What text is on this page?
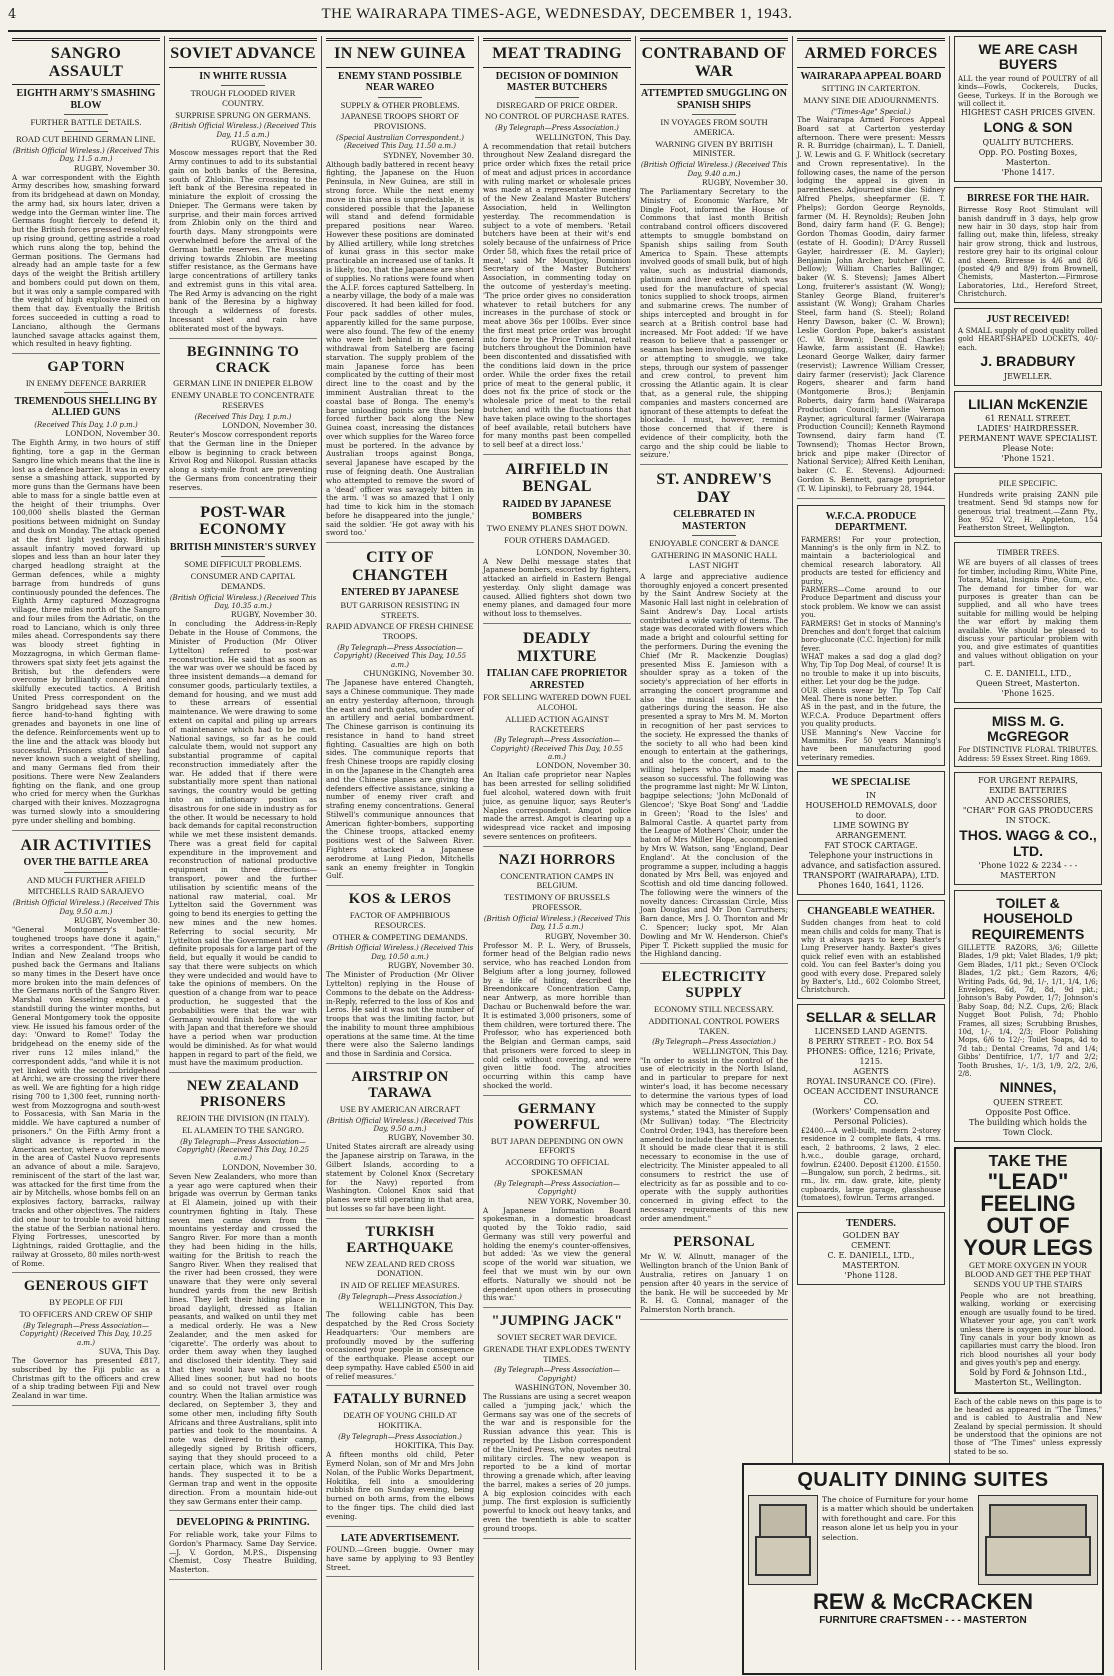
4	THE WAIRARAPA TIMES-AGE, WEDNESDAY, DECEMBER 1, 1943.
SANGRO ASSAULT
EIGHTH ARMY'S SMASHING BLOW
FURTHER BATTLE DETAILS.
ROAD CUT BEHIND GERMAN LINE.
(British Official Wireless.) (Received This Day, 11.5 a.m.)
RUGBY, November 30.
A war correspondent with the Eighth Army describes how, smashing forward from its bridgehead at dawn on Monday, the army had, six hours later, driven a wedge into the German winter line. The Germans fought fiercely to defend it, but the British forces pressed resolutely up rising ground, getting astride a road which runs along the top, behind the German positions. The Germans had already had an ample taste for a few days of the weight the British artillery and bombers could put down on them, but it was only a sample compared with the weight of high explosive rained on them that day. Eventually the British forces succeeded in cutting a road to Lanciano, although the Germans launched savage attacks against them, which resulted in heavy fighting.
GAP TORN
IN ENEMY DEFENCE BARRIER
TREMENDOUS SHELLING BY ALLIED GUNS
(Received This Day, 1.0 p.m.)
LONDON, November 30.
The Eighth Army, in two hours of stiff fighting, tore a gap in the German Sangro line which means that the line is lost as a defence barrier. It was in every sense a smashing attack, supported by more guns than the Germans have been able to mass for a single battle even at the height of their triumphs. Over 100,000 shells blasted the German positions between midnight on Sunday and dusk on Monday. The attack opened at the first light yesterday. British assault infantry moved forward up slopes and less than an hour later they charged headlong straight at the German defences, while a mighty barrage from hundreds of guns continuously pounded the defences. The Eighth Army captured Mozzagrogna village, three miles north of the Sangro and four miles from the Adriatic, on the road to Lanciano, which is only three miles ahead. Correspondents say there was bloody street fighting in Mozzagrogna, in which German flame-throwers spat sixty feet jets against the British, but the defenders were overcome by brilliantly conceived and skilfully executed tactics. A British United Press correspondent on the Sangro bridgehead says there was fierce hand-to-hand fighting with grenades and bayonets in one line of the defence. Reinforcements went up to the line and the attack was bloody but successful. Prisoners stated they had never known such a weight of shelling, and many Germans fled from their positions. There were New Zealanders fighting on the flank, and one group who cried for mercy when the Gurkhas charged with their knives. Mozzagrogna was turned slowly into a smouldering pyre under shelling and bombing.
AIR ACTIVITIES
OVER THE BATTLE AREA
AND MUCH FURTHER AFIELD
MITCHELLS RAID SARAJEVO
(British Official Wireless.) (Received This Day, 9.50 a.m.)
RUGBY, November 30.
"General Montgomery's battle-toughened troops have done it again," writes a correspondent. "The British, Indian and New Zealand troops who pushed back the Germans and Italians so many times in the Desert have once more broken into the main defences of the Germans north of the Sangro River. Marshal von Kesselring expected a standstill during the winter months, but General Montgomery took the opposite view. He issued his famous order of the day: 'Onward to Rome!' Today the bridgehead on the enemy side of the river runs 12 miles inland," the correspondent adds, "and while it is not yet linked with the second bridgehead at Archi, we are crossing the river there as well. We are fighting for a high ridge rising 700 to 1,300 feet, running north-west from Mozzogrogna and south-west to Fossacesia, with San Maria in the middle. We have captured a number of prisoners." On the Fifth Army front a slight advance is reported in the American sector, where a forward move in the area of Castel Nuovo represents an advance of about a mile. Sarajevo, reminiscent of the start of the last war, was attacked for the first time from the air by Mitchells, whose bombs fell on an explosives factory, barracks, railway tracks and other objectives. The raiders did one hour to trouble to avoid hitting the statue of the Serbian national hero. Flying Fortresses, unescorted by Lightnings, raided Grottaglie, and the railway at Grosseto, 80 miles north-west of Rome.
GENEROUS GIFT
BY PEOPLE OF FIJI
TO OFFICERS AND CREW OF SHIP
(By Telegraph—Press Association—Copyright) (Received This Day, 10.25 a.m.)
SUVA, This Day.
The Governor has presented £817, subscribed by the Fiji public as a Christmas gift to the officers and crew of a ship trading between Fiji and New Zealand in war time.
SOVIET ADVANCE
IN WHITE RUSSIA
TROUGH FLOODED RIVER COUNTRY.
SURPRISE SPRUNG ON GERMANS.
(British Official Wireless.) (Received This Day, 11.5 a.m.)
RUGBY, November 30.
Moscow messages report that the Red Army continues to add to its substantial gain on both banks of the Beresina, south of Zhlobin. The crossing to the left bank of the Beresina repeated in miniature the exploit of crossing the Dnieper. The Germans were taken by surprise, and their main forces arrived from Zhlobin only on the third and fourth days. Many strongpoints were overwhelmed before the arrival of the German battle reserves. The Russians driving towards Zhlobin are meeting stiffer resistance, as the Germans have large concentrations of artillery tanks and extremist guns in this vital area. The Red Army is advancing on the right bank of the Beresina by a highway through a wilderness of forests. Incessant sleet and rain have obliterated most of the byways.
BEGINNING TO CRACK
GERMAN LINE IN DNIEPER ELBOW
ENEMY UNABLE TO CONCENTRATE RESERVES
(Received This Day, 1 p.m.)
LONDON, November 30.
Reuter's Moscow correspondent reports that the German line in the Dnieper elbow is beginning to crack between Krivoi Rog and Nikopol. Russian attacks along a sixty-mile front are preventing the Germans from concentrating their reserves.
POST-WAR ECONOMY
BRITISH MINISTER'S SURVEY
SOME DIFFICULT PROBLEMS.
CONSUMER AND CAPITAL DEMANDS.
(British Official Wireless.) (Received This Day, 10.35 a.m.)
RUGBY, November 30.
In concluding the Address-in-Reply Debate in the House of Commons, the Minister of Production (Mr Oliver Lyttelton) referred to post-war reconstruction. He said that as soon as the war was over we should be faced by three insistent demands—a demand for consumer goods, particularly textiles, a demand for housing, and we must add to these arrears of essential maintenance. We were drawing to some extent on capital and piling up arrears of maintenance which had to be met. National savings, so far as he could calculate them, would not support any substantial programme of capital reconstruction immediately after the war. He added that if there were substantially more spent than national savings, the country would be getting into an inflationary position as disastrous for one side in industry as for the other. It would be necessary to hold back demands for capital reconstruction while we met these insistent demands. There was a great field for capital expenditure in the improvement and reconstruction of national productive equipment in three directions—transport, power and the further utilisation by scientific means of the national raw material, coal. Mr Lyttelton said the Government was going to bend its energies to getting the new mines and the new homes. Referring to social security, Mr Lyttelton said the Government had very definite proposals for a large part of the field, but equally it would be candid to say that there were subjects on which they were undecided and would have to take the opinions of members. On the question of a change from war to peace production, he suggested that the probabilities were that the war with Germany would finish before the war with Japan and that therefore we should have a period when war production would be diminished. As for what would happen in regard to part of the field, we must have the maximum production.
NEW ZEALAND PRISONERS
REJOIN THE DIVISION (IN ITALY).
EL ALAMEIN TO THE SANGRO.
(By Telegraph—Press Association—Copyright) (Received This Day, 10.25 a.m.)
LONDON, November 30.
Seven New Zealanders, who more than a year ago were captured when their brigade was overrun by German tanks at El Alamein, joined up with their countrymen fighting in Italy. These seven men came down from the mountains yesterday and crossed the Sangro River. For more than a month they had been hiding in the hills, waiting for the British to reach the Sangro River. When they realised that the river had been crossed, they were unaware that they were only several hundred yards from the new British lines. They left their hiding place in broad daylight, dressed as Italian peasants, and walked on until they met a medical orderly. He was a New Zealander, and the men asked for 'cigarette'. The orderly was about to order them away when they laughed and disclosed their identity. They said that they would have walked to the Allied lines sooner, but had no boots and so could not travel over rough country. When the Italian armistice was declared, on September 3, they and some other men, including fifty South Africans and three Australians, split into parties and took to the mountains. A note was delivered to their camp, allegedly signed by British officers, saying that they should proceed to a certain place, which was in British hands. They suspected it to be a German trap and went in the opposite direction. From a mountain hide-out they saw Germans enter their camp.
DEVELOPING & PRINTING.
For reliable work, take your Films to Gordon's Pharmacy. Same Day Service.—J. V. Gordon, M.P.S., Dispensing Chemist, Cosy Theatre Building, Masterton.
IN NEW GUINEA
ENEMY STAND POSSIBLE NEAR WAREO
SUPPLY & OTHER PROBLEMS.
JAPANESE TROOPS SHORT OF PROVISIONS.
(Special Australian Correspondent.) (Received This Day, 11.50 a.m.)
SYDNEY, November 30.
Although badly battered in recent heavy fighting, the Japanese on the Huon Peninsula, in New Guinea, are still in strong force. While the next enemy move in this area is unpredictable, it is considered possible that the Japanese will stand and defend formidable prepared positions near Wareo. However these positions are dominated by Allied artillery, while long stretches of kunai grass in this sector make practicable an increased use of tanks. It is likely, too, that the Japanese are short of supplies. No rations were found when the A.I.F. forces captured Sattelberg. In a nearby village, the body of a male was discovered. It had been killed for food. Four pack saddles of other mules, apparently killed for the same purpose, were also found. The few of the enemy who were left behind in the general withdrawal from Satelberg are facing starvation. The supply problem of the main Japanese force has been complicated by the cutting of their most direct line to the coast and by the imminent Australian threat to the coastal base of Bonga. The enemy's barge unloading points are thus being forced further back along the New Guinea coast, increasing the distances over which supplies for the Wareo force must be portered. In the advance by Australian troops against Bonga, several Japanese have escaped by the ruse of feigning death. One Australian who attempted to remove the sword of a 'dead' officer was savagely bitten in the arm. 'I was so amazed that I only had time to kick him in the stomach before he disappeared into the jungle,' said the soldier. 'He got away with his sword too.'
CITY OF CHANGTEH
ENTERED BY JAPANESE
BUT GARRISON RESISTING IN STREETS.
RAPID ADVANCE OF FRESH CHINESE TROOPS.
(By Telegraph—Press Association—Copyright) (Received This Day, 10.55 a.m.)
CHUNGKING, November 30.
The Japanese have entered Changteh, says a Chinese communique. They made an entry yesterday afternoon, through the east and north gates, under cover of an artillery and aerial bombardment. The Chinese garrison is continuing its resistance in hand to hand street fighting. Casualties are high on both sides. The communique reports that fresh Chinese troops are rapidly closing in on the Japanese in the Changteh area and the Chinese planes are giving the defenders effective assistance, sinking a number of enemy river craft and strafing enemy concentrations. General Stilwell's communique announces that American fighter-bombers, supporting the Chinese troops, attacked enemy positions west of the Salween River. Fighters attacked a Japanese aerodrome at Lung Piedon, Mitchells sank an enemy freighter in Tongkin Gulf.
KOS & LEROS
FACTOR OF AMPHIBIOUS RESOURCES.
OTHER & COMPETING DEMANDS.
(British Official Wireless.) (Received This Day, 10.50 a.m.)
RUGBY, November 30.
The Minister of Production (Mr Oliver Lyttelton) replying in the House of Commons to the debate on the Address-in-Reply, referred to the loss of Kos and Leros. He said it was not the number of troops that was the limiting factor, but the inability to mount three amphibious operations at the same time. At the time there were also the Salerno landings and those in Sardinia and Corsica.
AIRSTRIP ON TARAWA
USE BY AMERICAN AIRCRAFT
(British Official Wireless.) (Received This Day, 9.50 a.m.)
RUGBY, November 30.
United States aircraft are already using the Japanese airstrip on Tarawa, in the Gilbert Islands, according to a statement by Colonel Knox (Secretary for the Navy) reported from Washington. Colonel Knox said that planes were still operating in that area, but losses so far have been light.
TURKISH EARTHQUAKE
NEW ZEALAND RED CROSS DONATION.
IN AID OF RELIEF MEASURES.
(By Telegraph—Press Association.)
WELLINGTON, This Day.
The following cable has been despatched by the Red Cross Society Headquarters: 'Our members are profoundly moved by the suffering occasioned your people in consequence of the earthquake. Please accept our deep sympathy. Have cabled £500 in aid of relief measures.'
FATALLY BURNED
DEATH OF YOUNG CHILD AT HOKITIKA.
(By Telegraph—Press Association.)
HOKITIKA, This Day.
A fifteen months old child, Peter Eymerd Nolan, son of Mr and Mrs John Nolan, of the Public Works Department, Hokitika, fell into a smouldering rubbish fire on Sunday evening, being burned on both arms, from the elbows to the finger tips. The child died last evening.
LATE ADVERTISEMENT.
FOUND.—Green buggie. Owner may have same by applying to 93 Bentley Street.
MEAT TRADING
DECISION OF DOMINION MASTER BUTCHERS
DISREGARD OF PRICE ORDER.
NO CONTROL OF PURCHASE RATES.
(By Telegraph—Press Association.)
WELLINGTON, This Day.
A recommendation that retail butchers throughout New Zealand disregard the price order which fixes the retail price of meat and adjust prices in accordance with ruling market or wholesale prices was made at a representative meeting of the New Zealand Master Butchers' Association, held in Wellington yesterday. The recommendation is subject to a vote of members. 'Retail butchers have been at their wit's end solely because of the unfairness of Price Order 58, which fixes the retail price of meat,' said Mr Mountjoy, Dominion Secretary of the Master Butchers' Association, in commenting today on the outcome of yesterday's meeting. 'The price order gives no consideration whatever to retail butchers for any increases in the purchase of stock or meat above 36s per 100lbs. Ever since the first meat price order was brought into force by the Price Tribunal, retail butchers throughout the Dominion have been discontented and dissatisfied with the conditions laid down in the price order. While the order fixes the retail price of meat to the general public, it does not fix the price of stock or the wholesale price of meat to the retail butcher, and with the fluctuations that have taken place owing to the shortages of beef available, retail butchers have for many months past been compelled to sell beef at a direct loss.'
AIRFIELD IN BENGAL
RAIDED BY JAPANESE BOMBERS
TWO ENEMY PLANES SHOT DOWN.
FOUR OTHERS DAMAGED.
LONDON, November 30.
A New Delhi message states that Japanese bombers, escorted by fighters, attacked an airfield in Eastern Bengal yesterday. Only slight damage was caused. Allied fighters shot down two enemy planes, and damaged four more without loss to themselves.
DEADLY MIXTURE
ITALIAN CAFE PROPRIETOR ARRESTED
FOR SELLING WATERED DOWN FUEL ALCOHOL
ALLIED ACTION AGAINST RACKETEERS
(By Telegraph—Press Association—Copyright) (Received This Day, 10.55 a.m.)
LONDON, November 30.
An Italian cafe proprietor near Naples has been arrested for selling solidified fuel alcohol, watered down with fruit juice, as genuine liquor, says Reuter's Naples correspondent. Amgot police made the arrest. Amgot is clearing up a widespread vice racket and imposing severe sentences on profiteers.
NAZI HORRORS
CONCENTRATION CAMPS IN BELGIUM.
TESTIMONY OF BRUSSELS PROFESSOR.
(British Official Wireless.) (Received This Day, 11.5 a.m.)
RUGBY, November 30.
Professor M. P. L. Wery, of Brussels, former head of the Belgian radio news service, who has reached London from Belgium after a long journey, followed by a life of hiding, described the Breendonkcare Concentration Camp, near Antwerp, as more horrible than Dachau or Buchenwald before the war. It is estimated 3,000 prisoners, some of them children, were tortured there. The Professor, who has experienced both the Belgian and German camps, said that prisoners were forced to sleep in cold cells without covering, and were given little food. The atrocities occurring within this camp have shocked the world.
GERMANY POWERFUL
BUT JAPAN DEPENDING ON OWN EFFORTS
ACCORDING TO OFFICIAL SPOKESMAN
(By Telegraph—Press Association—Copyright)
NEW YORK, November 30.
A Japanese Information Board spokesman, in a domestic broadcast quoted by the Tokio radio, said Germany was still very powerful and holding the enemy's counter-offensives, but added: 'As we view the general scope of the world war situation, we feel that we must win by our own efforts. Naturally we should not be dependent upon others in prosecuting this war.'
"JUMPING JACK"
SOVIET SECRET WAR DEVICE.
GRENADE THAT EXPLODES TWENTY TIMES.
(By Telegraph—Press Association—Copyright)
WASHINGTON, November 30.
The Russians are using a secret weapon called a 'jumping jack,' which the Germans say was one of the secrets of the war and is responsible for the Russian advance this year. This is reported by the Lisbon correspondent of the United Press, who quotes neutral military circles. The new weapon is reported to be a kind of mortar throwing a grenade which, after leaving the barrel, makes a series of 20 jumps. A big explosion coincides with each jump. The first explosion is sufficiently powerful to knock out heavy tanks, and even the twentieth is able to scatter ground troops.
CONTRABAND OF WAR
ATTEMPTED SMUGGLING ON SPANISH SHIPS
IN VOYAGES FROM SOUTH AMERICA.
WARNING GIVEN BY BRITISH MINISTER.
(British Official Wireless.) (Received This Day, 9.40 a.m.)
RUGBY, November 30.
The Parliamentary Secretary to the Ministry of Economic Warfare, Mr Dingle Foot, informed the House of Commons that last month British contraband control officers discovered attempts to smuggle bombstand on Spanish ships sailing from South America to Spain. These attempts involved goods of small bulk, but of high value, such as industrial diamonds, platinum and liver extract, which was used for the manufacture of special tonics supplied to shock troops, airmen and submarine crews. The number of ships intercepted and brought in for search at a British control base had increased. Mr Foot added: 'If we have reason to believe that a passenger or seaman has been involved in smuggling, or attempting to smuggle, we take steps, through our system of passenger and crew control, to prevent him crossing the Atlantic again. It is clear that, as a general rule, the shipping companies and masters concerned are ignorant of these attempts to defeat the blockade. I must, however, remind those concerned that if there is evidence of their complicity, both the cargo and the ship could be liable to seizure.'
ST. ANDREW'S DAY
CELEBRATED IN MASTERTON
ENJOYABLE CONCERT & DANCE
GATHERING IN MASONIC HALL LAST NIGHT
A large and appreciative audience thoroughly enjoyed a concert presented by the Saint Andrew Society at the Masonic Hall last night in celebration of Saint Andrew's Day. Local artists contributed a wide variety of items. The stage was decorated with flowers which made a bright and colourful setting for the performers. During the evening the Chief (Mr R. Mackenzie Douglas) presented Miss E. Jamieson with a shoulder spray as a token of the society's appreciation of her efforts in arranging the concert programme and also the musical items for the gatherings during the season. He also presented a spray to Mrs M. M. Morton in recognition of her past services to the society. He expressed the thanks of the society to all who had been kind enough to entertain at the gatherings, and also to the concert, and to the willing helpers who had made the season so successful. The following was the programme last night: Mr W. Linton, bagpipe selections; 'John McDonald of Glencoe'; 'Skye Boat Song' and 'Laddie in Green'; 'Road to the Isles' and Balmoral Castle. A quartet party from the League of Mothers' Choir, under the baton of Mrs Miller Hope, accompanied by Mrs W. Watson, sang 'England, Dear England'. At the conclusion of the programme a supper, including a haggis donated by Mrs Bell, was enjoyed and Scottish and old time dancing followed. The following were the winners of the novelty dances: Circassian Circle, Miss Joan Douglas and Mr Don Carruthers; Barn dance, Mrs J. O. Thornton and Mr C. Spencer; lucky spot, Mr Alan Dowling and Mr W. Henderson. Chief's Piper T. Pickett supplied the music for the Highland dancing.
ELECTRICITY SUPPLY
ECONOMY STILL NECESSARY.
ADDITIONAL CONTROL POWERS TAKEN.
(By Telegraph—Press Association.)
WELLINGTON, This Day.
"In order to assist in the control of the use of electricity in the North Island, and in particular to prepare for next winter's load, it has become necessary to determine the various types of load which may be connected to the supply systems," stated the Minister of Supply (Mr Sullivan) today. "The Electricity Control Order, 1943, has therefore been amended to include these requirements. It should be made clear that it is still necessary to economise in the use of electricity. The Minister appealed to all consumers to restrict the use of electricity as far as possible and to co-operate with the supply authorities concerned in giving effect to the necessary requirements of this new order amendment."
PERSONAL
Mr W. W. Allnutt, manager of the Wellington branch of the Union Bank of Australia, retires on January 1 on pension after 40 years in the service of the bank. He will be succeeded by Mr R. H. G. Connal, manager of the Palmerston North branch.
ARMED FORCES
WAIRARAPA APPEAL BOARD
SITTING IN CARTERTON.
MANY SINE DIE ADJOURNMENTS.
("Times-Age" Special.)
The Wairarapa Armed Forces Appeal Board sat at Carterton yesterday afternoon. There were present: Messrs R. R. Burridge (chairman), L. T. Daniell, J. W. Lewis and G. F. Whitlock (secretary and Crown representative). In the following cases, the name of the person lodging the appeal is given in parentheses. Adjourned sine die: Sidney Alfred Phelps, sheepfarmer (E. T. Phelps); Gordon George Reynolds, farmer (M. H. Reynolds); Reuben John Bond, dairy farm hand (F. G. Benge); Gordon Thomas Goodin, dairy farmer (estate of H. Goodin); D'Arcy Russell Gayler, hairdresser (E. M. Gayler); Benjamin John Archer, butcher (W. C. Dellow); William Charles Ballinger, baker (W. S. Stevens); James Albert Long, fruiterer's assistant (W. Wong); Stanley George Bland, fruiterer's assistant (W. Wong); Graham Charles Steel, farm hand (S. Steel); Roland Henry Dawson, baker (C. W. Brown); Leslie Gordon Pope, baker's assistant (C. W. Brown); Desmond Charles Hawke, farm assistant (E. Hawke); Leonard George Walker, dairy farmer (reservist); Lawrence William Cresser, dairy farmer (reservist); Jack Clarence Rogers, shearer and farm hand (Montgomerie Bros.); Benjamin Roberts, dairy farm hand (Wairarapa Production Council); Leslie Vernon Rayner, agricultural farmer (Wairarapa Production Council); Kenneth Raymond Townsend, dairy farm hand (T. Townsend); Thomas Hector Brown, brick and pipe maker (Director of National Service); Alfred Keith Lenihan, baker (C. E. Stevens). Adjourned: Gordon S. Bennett, garage proprietor (T. W. Lipinski), to February 28, 1944.
W.F.C.A. PRODUCE DEPARTMENT.
FARMERS! For your protection, Manning's is the only firm in N.Z. to maintain a bacteriological and chemical research laboratory. All products are tested for efficiency and purity.
FARMERS—Come around to our Produce Department and discuss your stock problem. We know we can assist you.
FARMERS! Get in stocks of Manning's Drenches and don't forget that calcium boro-gluconate (C.C. Injection) for milk fever.
WHAT makes a sad dog a glad dog? Why, Tip Top Dog Meal, of course! It is no trouble to make it up into biscuits, either. Let your dog be the judge.
OUR clients swear by Tip Top Calf Meal. There is none better.
AS in the past, and in the future, the W.F.C.A. Produce Department offers you quality products.
USE Manning's New Vaccine for Mammitis. For 50 years Manning's have been manufacturing good veterinary remedies.
WE SPECIALISE
IN
HOUSEHOLD REMOVALS, door to door.
LIME SOWING BY ARRANGEMENT.
FAT STOCK CARTAGE.
Telephone your instructions in advance, and satisfaction assured.
TRANSPORT (WAIRARAPA), LTD.
Phones 1640, 1641, 1126.
CHANGEABLE WEATHER.
Sudden changes from heat to cold mean chills and colds for many. That is why it always pays to keep Baxter's Lung Preserver handy. Baxter's gives quick relief even with an established cold. You can feel Baxter's doing you good with every dose. Prepared solely by Baxter's, Ltd., 602 Colombo Street, Christchurch.
SELLAR & SELLAR
LICENSED LAND AGENTS.
8 PERRY STREET - P.O. Box 54
PHONES: Office, 1216; Private, 1215.
AGENTS
ROYAL INSURANCE CO. (Fire).
OCEAN ACCIDENT INSURANCE CO.
(Workers' Compensation and Personal Policies).
£2400.—A well-built, modern 2-storey residence in 2 complete flats, 4 rms. each, 2 bathrooms, 2 laws, 2 elec. h.w.c., double garage, orchard, fowlrun. £2400. Deposit £1200. £1550.—Bungalow, sun porch, 2 bedrms., sit. rm., liv. rm. daw. grate, kite, plenty cupboards, large garage, glasshouse (tomatoes), fowlrun. Terms arranged.
TENDERS.
GOLDEN BAY
CEMENT.
C. E. DANIELL, LTD.,
MASTERTON.
'Phone 1128.
WE ARE CASH BUYERS
ALL the year round of POULTRY of all kinds—Fowls, Cockerels, Ducks, Geese, Turkeys. If in the Borough we will collect it.
HIGHEST CASH PRICES GIVEN.
LONG & SON
QUALITY BUTCHERS.
Opp. P.O. Posting Boxes, Masterton.
'Phone 1417.
BIRRESE FOR THE HAIR.
Birresse Rosy Root Stimulant will banish dandruff in 3 days, help grow new hair in 30 days, stop hair from falling out, make thin, lifeless, streaky hair grow strong, thick and lustrous, restore grey hair to its original colour and sheen. Birresse is 4/6 and 8/6 (posted 4/9 and 8/9) from Brownell, Chemists, Masterton.—Firmrose Laboratories, Ltd., Hereford Street, Christchurch.
JUST RECEIVED!
A SMALL supply of good quality rolled gold HEART-SHAPED LOCKETS, 40/- each.
J. BRADBURY
JEWELLER.
LILIAN McKENZIE
61 RENALL STREET.
LADIES' HAIRDRESSER.
PERMANENT WAVE SPECIALIST.
Please Note:
'Phone 1521.
PILE SPECIFIC.
Hundreds write praising ZANN pile treatment. Send 9d stamps now for generous trial treatment.—Zann Pty., Box 952 V2, H. Appleton, 154 Featherston Street, Wellington.
TIMBER TREES.
WE are buyers of all classes of trees for timber, including Rimu, White Pine, Totara, Matai, Insignis Pine, Gum, etc. The demand for timber for war purposes is greater than can be supplied, and all who have trees suitable for milling would be helping the war effort by making them available. We should be pleased to discuss your particular problem with you, and give estimates of quantities and values without obligation on your part.
C. E. DANIELL, LTD.,
Queen Street, Masterton.
'Phone 1625.
MISS M. G. McGREGOR
For DISTINCTIVE FLORAL TRIBUTES. Address: 59 Essex Street. Ring 1869.
FOR URGENT REPAIRS,
EXIDE BATTERIES
AND ACCESSORIES,
"CHAR" FOR GAS PRODUCERS
IN STOCK.
THOS. WAGG & CO., LTD.
'Phone 1022 & 2234 - - - MASTERTON
TOILET & HOUSEHOLD REQUIREMENTS
GILLETTE RAZORS, 3/6; Gillette Blades, 1/9 pkt; Valet Blades, 1/9 pkt; Gem Blades, 1/11 pkt.; Seven O'Clock Blades, 1/2 pkt.; Gem Razors, 4/6; Writing Pads, 6d, 9d, 1/-, 1/1, 1/4, 1/6; Envelopes, 6d, 7d, 8d, 9d pkt.; Johnson's Baby Powder, 1/7; Johnson's Baby Soap, 8d; N.Z. Cups, 2/6; Black Nugget Boot Polish, 7d; Phoblo Frames, all sizes; Scrubbing Brushes, 10d, 1/-, 1/4, 2/3; Floor Polishing Mops, 6/6 to 12/-; Toilet Soaps, 4d to 7d tab.; Dental Creams, 7d and 1/4; Gibbs' Dentifrice, 1/7, 1/7 and 2/2; Tooth Brushes, 1/-, 1/3, 1/9, 2/2, 2/6, 2/8.
NINNES,
QUEEN STREET.
Opposite Post Office.
The building which holds the Town Clock.
TAKE THE
"LEAD" FEELING
OUT OF YOUR LEGS
GET MORE OXYGEN IN YOUR BLOOD AND GET THE PEP THAT SENDS YOU UP THE STAIRS
People who are not breathing, walking, working or exercising enough are usually found to be tired. Whatever your age, you can't work unless there is oxygen in your blood. Tiny canals in your body known as capillaries must carry the blood. Iron rich blood nourishes all your body and gives youth's pep and energy.
Sold by Ford & Johnson Ltd., Masterton St., Wellington.
Each of the cable news on this page is to be headed as appeared in "The Times," and is cabled to Australia and New Zealand by special permission. It should be understood that the opinions are not those of "The Times" unless expressly stated to be so.
QUALITY DINING SUITES
The choice of Furniture for your home is a matter which should be undertaken with forethought and care. For this reason alone let us help you in your selection.
REW & McCRACKEN
FURNITURE CRAFTSMEN - - - MASTERTON
